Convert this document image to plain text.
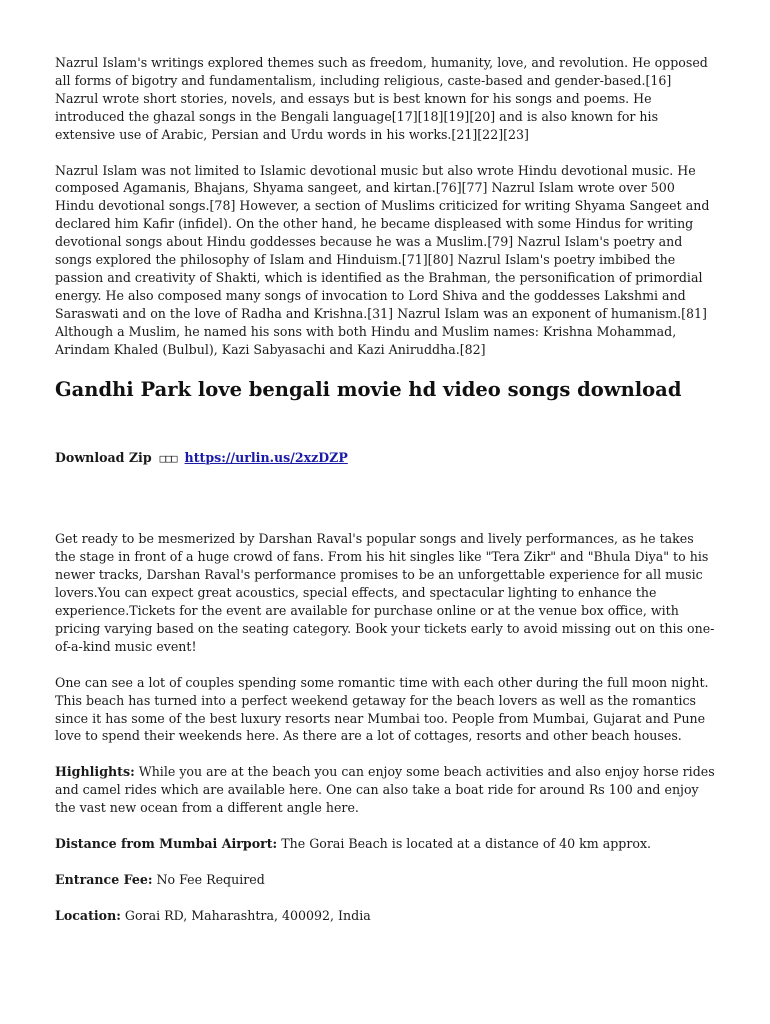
Nazrul Islam's writings explored themes such as freedom, humanity, love, and revolution. He opposed all forms of bigotry and fundamentalism, including religious, caste-based and gender-based.[16] Nazrul wrote short stories, novels, and essays but is best known for his songs and poems. He introduced the ghazal songs in the Bengali language[17][18][19][20] and is also known for his extensive use of Arabic, Persian and Urdu words in his works.[21][22][23]

Nazrul Islam was not limited to Islamic devotional music but also wrote Hindu devotional music. He composed Agamanis, Bhajans, Shyama sangeet, and kirtan.[76][77] Nazrul Islam wrote over 500 Hindu devotional songs.[78] However, a section of Muslims criticized for writing Shyama Sangeet and declared him Kafir (infidel). On the other hand, he became displeased with some Hindus for writing devotional songs about Hindu goddesses because he was a Muslim.[79] Nazrul Islam's poetry and songs explored the philosophy of Islam and Hinduism.[71][80] Nazrul Islam's poetry imbibed the passion and creativity of Shakti, which is identified as the Brahman, the personification of primordial energy. He also composed many songs of invocation to Lord Shiva and the goddesses Lakshmi and Saraswati and on the love of Radha and Krishna.[31] Nazrul Islam was an exponent of humanism.[81] Although a Muslim, he named his sons with both Hindu and Muslim names: Krishna Mohammad, Arindam Khaled (Bulbul), Kazi Sabyasachi and Kazi Aniruddha.[82]

Gandhi Park love bengali movie hd video songs download

Download Zip □□□ https://urlin.us/2xzDZP

Get ready to be mesmerized by Darshan Raval's popular songs and lively performances, as he takes the stage in front of a huge crowd of fans. From his hit singles like "Tera Zikr" and "Bhula Diya" to his newer tracks, Darshan Raval's performance promises to be an unforgettable experience for all music lovers.You can expect great acoustics, special effects, and spectacular lighting to enhance the experience.Tickets for the event are available for purchase online or at the venue box office, with pricing varying based on the seating category. Book your tickets early to avoid missing out on this one-of-a-kind music event!

One can see a lot of couples spending some romantic time with each other during the full moon night. This beach has turned into a perfect weekend getaway for the beach lovers as well as the romantics since it has some of the best luxury resorts near Mumbai too. People from Mumbai, Gujarat and Pune love to spend their weekends here. As there are a lot of cottages, resorts and other beach houses.

Highlights: While you are at the beach you can enjoy some beach activities and also enjoy horse rides and camel rides which are available here. One can also take a boat ride for around Rs 100 and enjoy the vast new ocean from a different angle here.

Distance from Mumbai Airport: The Gorai Beach is located at a distance of 40 km approx.

Entrance Fee: No Fee Required

Location: Gorai RD, Maharashtra, 400092, India
